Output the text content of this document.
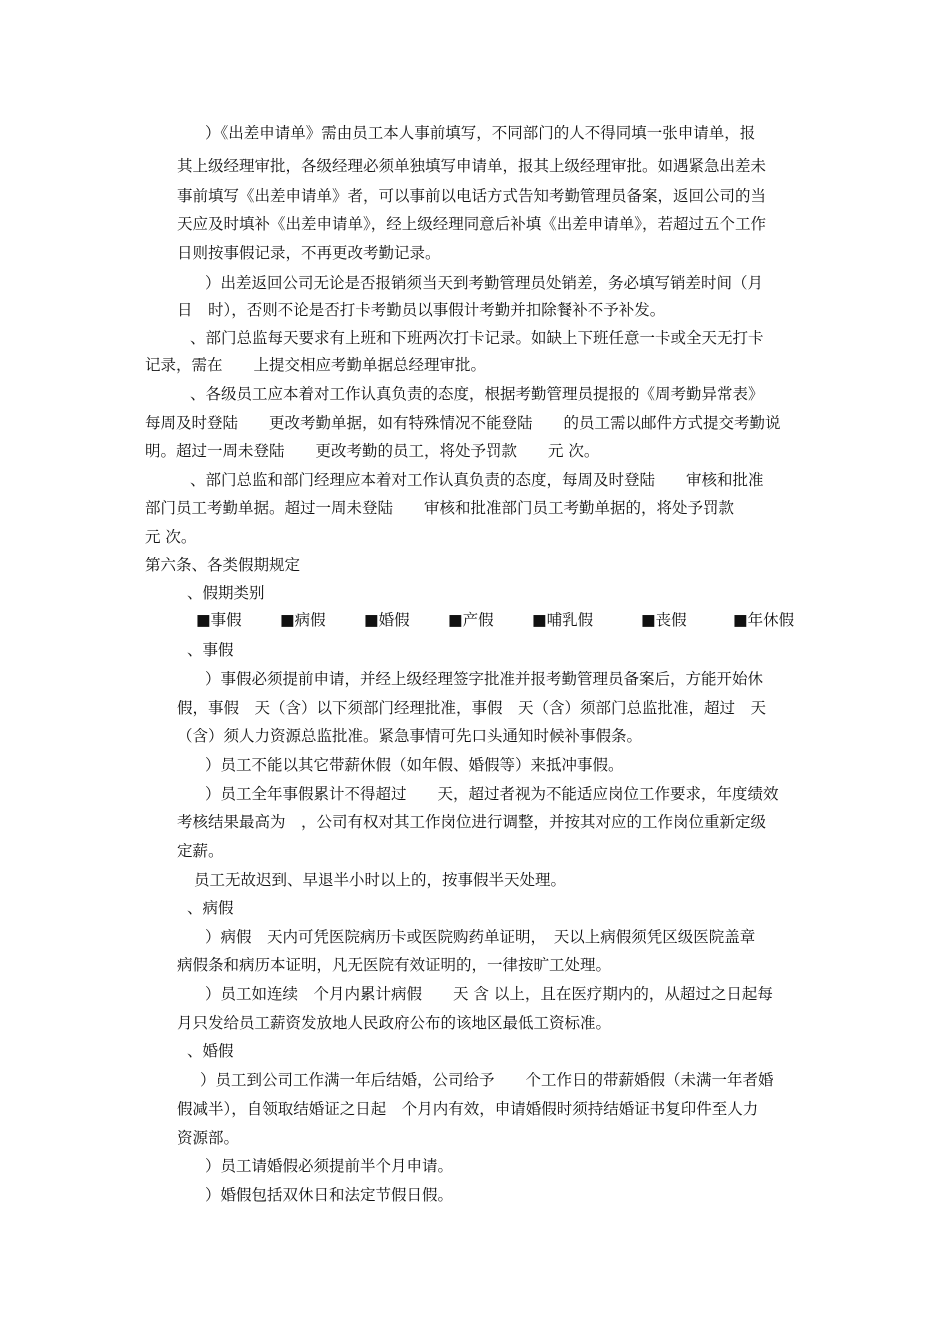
）《出差申请单》需由员工本人事前填写，不同部门的人不得同填一张申请单，报
其上级经理审批，各级经理必须单独填写申请单，报其上级经理审批。如遇紧急出差未
事前填写《出差申请单》者，可以事前以电话方式告知考勤管理员备案，返回公司的当
天应及时填补《出差申请单》，经上级经理同意后补填《出差申请单》，若超过五个工作
日则按事假记录，不再更改考勤记录。
）出差返回公司无论是否报销须当天到考勤管理员处销差，务必填写销差时间（月
日　时），否则不论是否打卡考勤员以事假计考勤并扣除餐补不予补发。
、部门总监每天要求有上班和下班两次打卡记录。如缺上下班任意一卡或全天无打卡
记录，需在　　上提交相应考勤单据总经理审批。
、各级员工应本着对工作认真负责的态度，根据考勤管理员提报的《周考勤异常表》
每周及时登陆　　更改考勤单据，如有特殊情况不能登陆　　的员工需以邮件方式提交考勤说
明。超过一周未登陆　　更改考勤的员工，将处予罚款　　元 次。
、部门总监和部门经理应本着对工作认真负责的态度，每周及时登陆　　审核和批准
部门员工考勤单据。超过一周未登陆　　审核和批准部门员工考勤单据的，将处予罚款
元 次。
第六条、各类假期规定
、假期类别
■事假 ■病假 ■婚假 ■产假 ■哺乳假	■丧假	■年休假
、事假
）事假必须提前申请，并经上级经理签字批准并报考勤管理员备案后，方能开始休
假，事假　天（含）以下须部门经理批准，事假　天（含）须部门总监批准，超过　天
（含）须人力资源总监批准。紧急事情可先口头通知时候补事假条。
）员工不能以其它带薪休假（如年假、婚假等）来抵冲事假。
）员工全年事假累计不得超过　　天，超过者视为不能适应岗位工作要求，年度绩效
考核结果最高为　，公司有权对其工作岗位进行调整，并按其对应的工作岗位重新定级
定薪。
员工无故迟到、早退半小时以上的，按事假半天处理。
、病假
）病假　天内可凭医院病历卡或医院购药单证明，　天以上病假须凭区级医院盖章
病假条和病历本证明，凡无医院有效证明的，一律按旷工处理。
）员工如连续　个月内累计病假　　天 含 以上，且在医疗期内的，从超过之日起每
月只发给员工薪资发放地人民政府公布的该地区最低工资标准。
、婚假
）员工到公司工作满一年后结婚，公司给予　　个工作日的带薪婚假（未满一年者婚
假减半），自领取结婚证之日起　个月内有效，申请婚假时须持结婚证书复印件至人力
资源部。
）员工请婚假必须提前半个月申请。
）婚假包括双休日和法定节假日假。
